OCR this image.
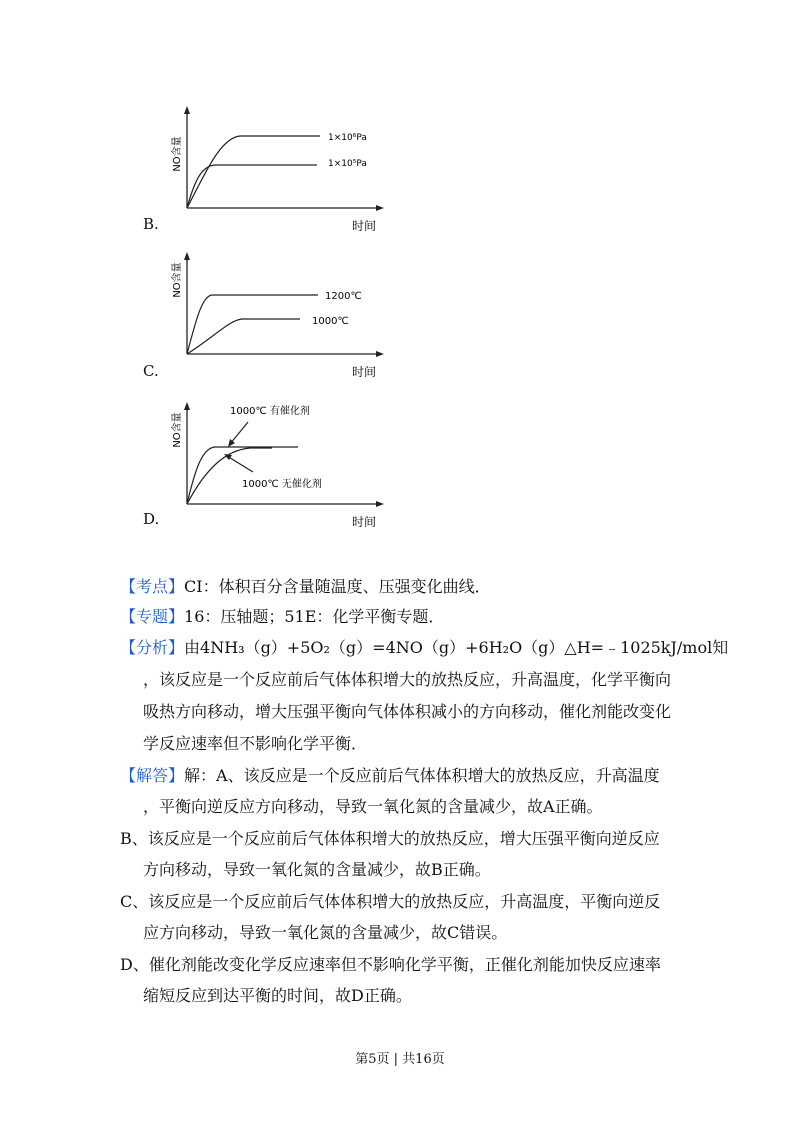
1×10⁶Pa
1×10⁵Pa
NO含量
时间
B.
1200℃
1000℃
NO含量
时间
C.
1000℃ 有催化剂
1000℃ 无催化剂
NO含量
时间
D.
【考点】CI：体积百分含量随温度、压强变化曲线．
【专题】16：压轴题；51E：化学平衡专题．
【分析】由4NH₃（g）+5O₂（g）=4NO（g）+6H₂O（g）△H=﹣1025kJ/mol知
，该反应是一个反应前后气体体积增大的放热反应，升高温度，化学平衡向
吸热方向移动，增大压强平衡向气体体积减小的方向移动，催化剂能改变化
学反应速率但不影响化学平衡．
【解答】解：A、该反应是一个反应前后气体体积增大的放热反应，升高温度
，平衡向逆反应方向移动，导致一氧化氮的含量减少，故A正确。
B、该反应是一个反应前后气体体积增大的放热反应，增大压强平衡向逆反应
方向移动，导致一氧化氮的含量减少，故B正确。
C、该反应是一个反应前后气体体积增大的放热反应，升高温度，平衡向逆反
应方向移动，导致一氧化氮的含量减少，故C错误。
D、催化剂能改变化学反应速率但不影响化学平衡，正催化剂能加快反应速率
缩短反应到达平衡的时间，故D正确。
第5页 | 共16页
